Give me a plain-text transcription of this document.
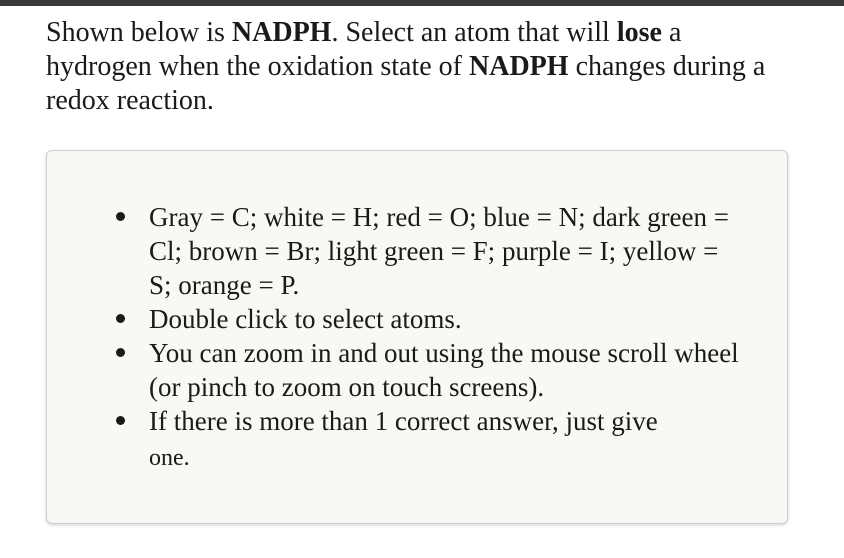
Shown below is NADPH. Select an atom that will lose a hydrogen when the oxidation state of NADPH changes during a redox reaction.
Gray = C; white = H; red = O; blue = N; dark green = Cl; brown = Br; light green = F; purple = I; yellow = S; orange = P.
Double click to select atoms.
You can zoom in and out using the mouse scroll wheel (or pinch to zoom on touch screens).
If there is more than 1 correct answer, just give
one.
